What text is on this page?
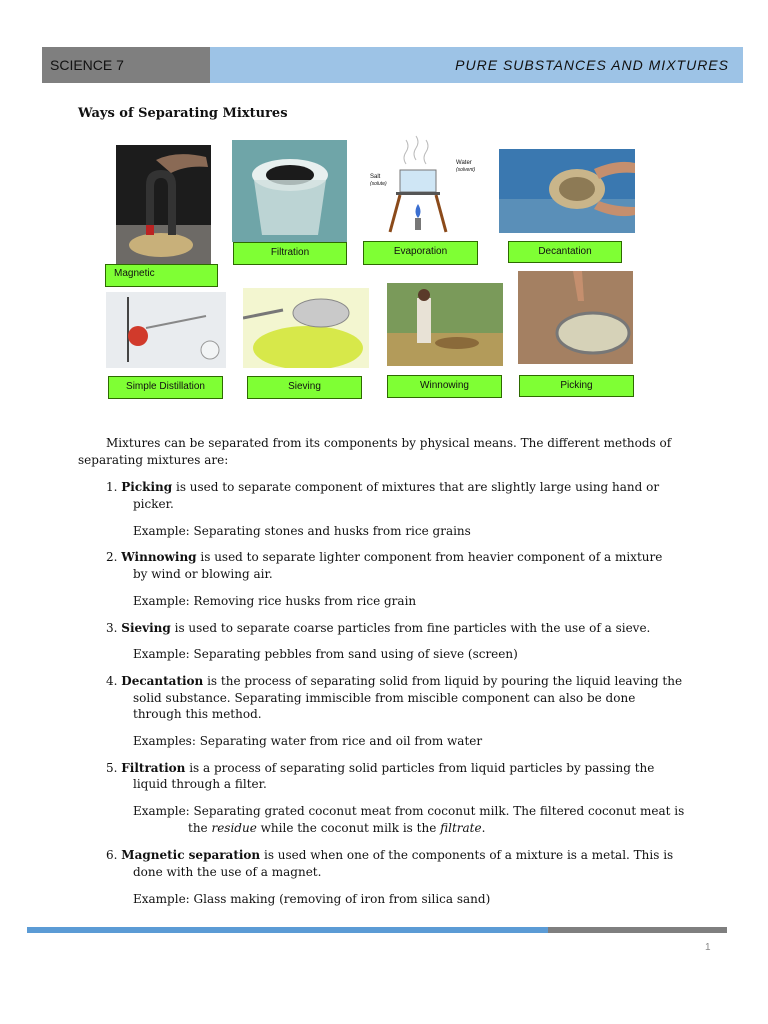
SCIENCE 7	PURE SUBSTANCES AND MIXTURES
Ways of Separating Mixtures
Salt
(solute)
Water
(solvent)
Magnetic
Filtration	Evaporation	Decantation
Simple Distillation	Sieving	Winnowing	Picking
Mixtures can be separated from its components by physical means. The different methods of
separating mixtures are:
1. Picking is used to separate component of mixtures that are slightly large using hand or
picker.
Example: Separating stones and husks from rice grains
2. Winnowing is used to separate lighter component from heavier component of a mixture
by wind or blowing air.
Example: Removing rice husks from rice grain
3. Sieving is used to separate coarse particles from fine particles with the use of a sieve.
Example: Separating pebbles from sand using of sieve (screen)
4. Decantation is the process of separating solid from liquid by pouring the liquid leaving the
solid substance. Separating immiscible from miscible component can also be done
through this method.
Examples: Separating water from rice and oil from water
5. Filtration is a process of separating solid particles from liquid particles by passing the
liquid through a filter.
Example: Separating grated coconut meat from coconut milk. The filtered coconut meat is
the residue while the coconut milk is the filtrate.
6. Magnetic separation is used when one of the components of a mixture is a metal. This is
done with the use of a magnet.
Example: Glass making (removing of iron from silica sand)
1
